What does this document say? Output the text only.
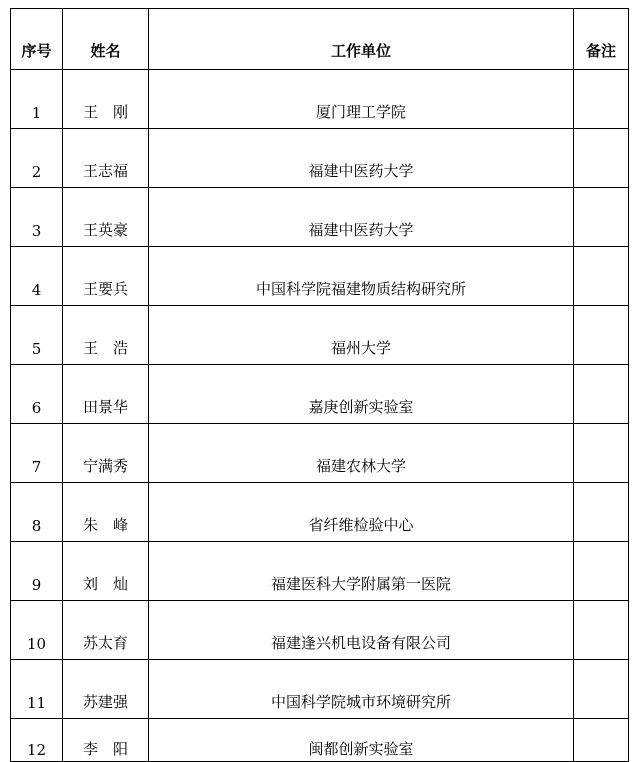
序号	姓名	工作单位	备注
1	王　刚	厦门理工学院	
2	王志福	福建中医药大学	
3	王英豪	福建中医药大学	
4	王要兵	中国科学院福建物质结构研究所	
5	王　浩	福州大学	
6	田景华	嘉庚创新实验室	
7	宁满秀	福建农林大学	
8	朱　峰	省纤维检验中心	
9	刘　灿	福建医科大学附属第一医院	
10	苏太育	福建逢兴机电设备有限公司	
11	苏建强	中国科学院城市环境研究所	
12	李　阳	闽都创新实验室	
